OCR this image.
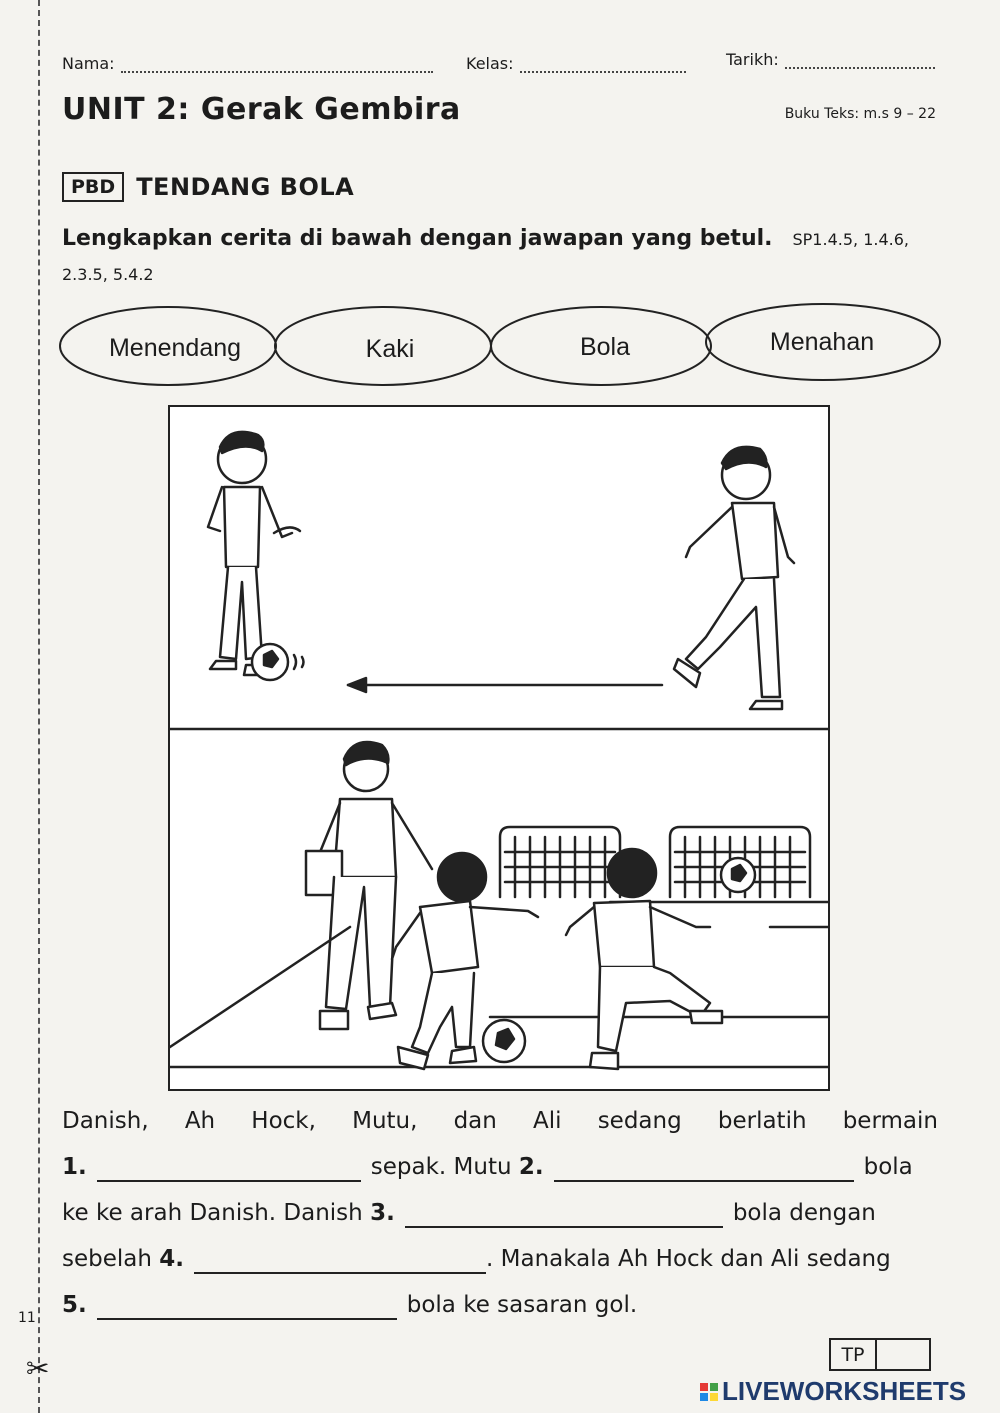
11
✂
Nama:	Kelas:	Tarikh:
UNIT 2: Gerak Gembira	Buku Teks: m.s 9 – 22
PBD TENDANG BOLA
Lengkapkan cerita di bawah dengan jawapan yang betul. SP1.4.5, 1.4.6, 2.3.5, 5.4.2
Menendang	Kaki	Bola	Menahan
Danish, Ah Hock, Mutu, dan Ali sedang berlatih bermain
1.	sepak. Mutu
2.	bola
ke ke arah Danish. Danish
3.	bola dengan
sebelah
4.	. Manakala Ah Hock dan Ali sedang
5.	bola ke sasaran gol.
TP
LIVEWORKSHEETS
